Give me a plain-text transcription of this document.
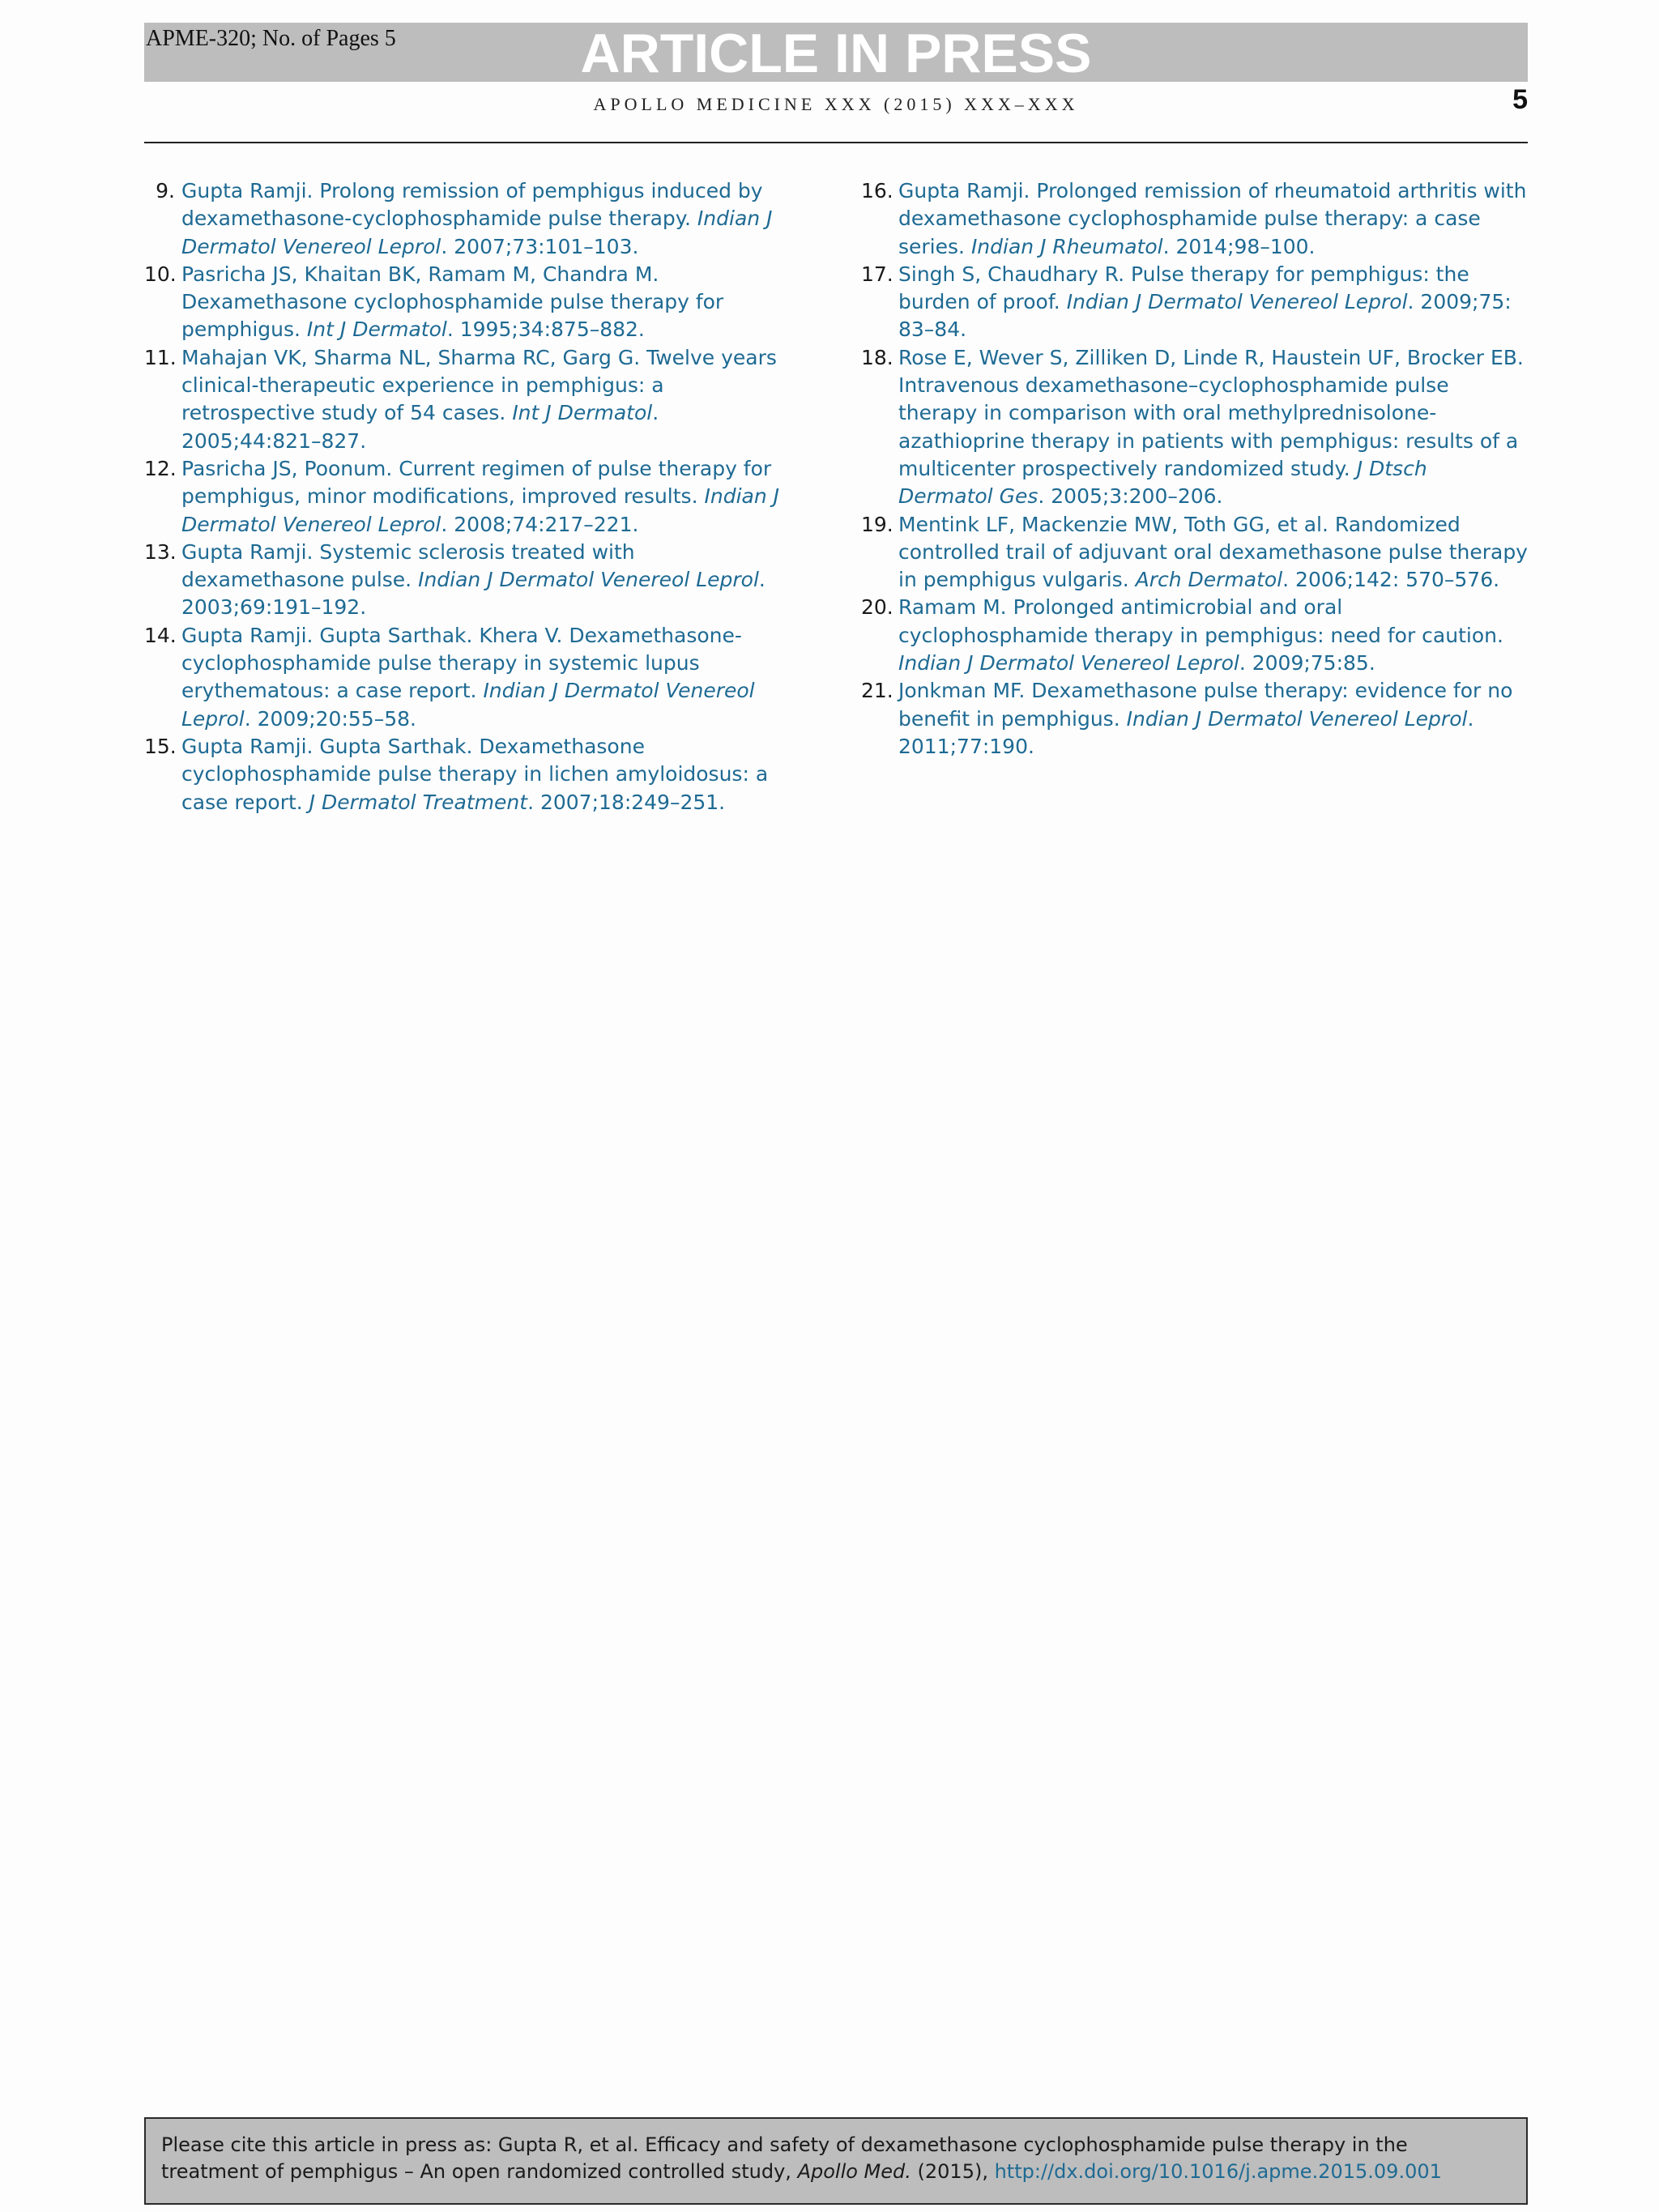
APME-320; No. of Pages 5	ARTICLE IN PRESS
APOLLO MEDICINE XXX (2015) XXX–XXX	5
9. Gupta Ramji. Prolong remission of pemphigus induced by dexamethasone-cyclophosphamide pulse therapy. Indian J Dermatol Venereol Leprol. 2007;73:101–103.
10. Pasricha JS, Khaitan BK, Ramam M, Chandra M. Dexamethasone cyclophosphamide pulse therapy for pemphigus. Int J Dermatol. 1995;34:875–882.
11. Mahajan VK, Sharma NL, Sharma RC, Garg G. Twelve years clinical-therapeutic experience in pemphigus: a retrospective study of 54 cases. Int J Dermatol. 2005;44:821–827.
12. Pasricha JS, Poonum. Current regimen of pulse therapy for pemphigus, minor modifications, improved results. Indian J Dermatol Venereol Leprol. 2008;74:217–221.
13. Gupta Ramji. Systemic sclerosis treated with dexamethasone pulse. Indian J Dermatol Venereol Leprol. 2003;69:191–192.
14. Gupta Ramji. Gupta Sarthak. Khera V. Dexamethasone-cyclophosphamide pulse therapy in systemic lupus erythematous: a case report. Indian J Dermatol Venereol Leprol. 2009;20:55–58.
15. Gupta Ramji. Gupta Sarthak. Dexamethasone cyclophosphamide pulse therapy in lichen amyloidosus: a case report. J Dermatol Treatment. 2007;18:249–251.
16. Gupta Ramji. Prolonged remission of rheumatoid arthritis with dexamethasone cyclophosphamide pulse therapy: a case series. Indian J Rheumatol. 2014;98–100.
17. Singh S, Chaudhary R. Pulse therapy for pemphigus: the burden of proof. Indian J Dermatol Venereol Leprol. 2009;75: 83–84.
18. Rose E, Wever S, Zilliken D, Linde R, Haustein UF, Brocker EB. Intravenous dexamethasone–cyclophosphamide pulse therapy in comparison with oral methylprednisolone-azathioprine therapy in patients with pemphigus: results of a multicenter prospectively randomized study. J Dtsch Dermatol Ges. 2005;3:200–206.
19. Mentink LF, Mackenzie MW, Toth GG, et al. Randomized controlled trail of adjuvant oral dexamethasone pulse therapy in pemphigus vulgaris. Arch Dermatol. 2006;142: 570–576.
20. Ramam M. Prolonged antimicrobial and oral cyclophosphamide therapy in pemphigus: need for caution. Indian J Dermatol Venereol Leprol. 2009;75:85.
21. Jonkman MF. Dexamethasone pulse therapy: evidence for no benefit in pemphigus. Indian J Dermatol Venereol Leprol. 2011;77:190.
Please cite this article in press as: Gupta R, et al. Efficacy and safety of dexamethasone cyclophosphamide pulse therapy in the treatment of pemphigus – An open randomized controlled study, Apollo Med. (2015), http://dx.doi.org/10.1016/j.apme.2015.09.001
